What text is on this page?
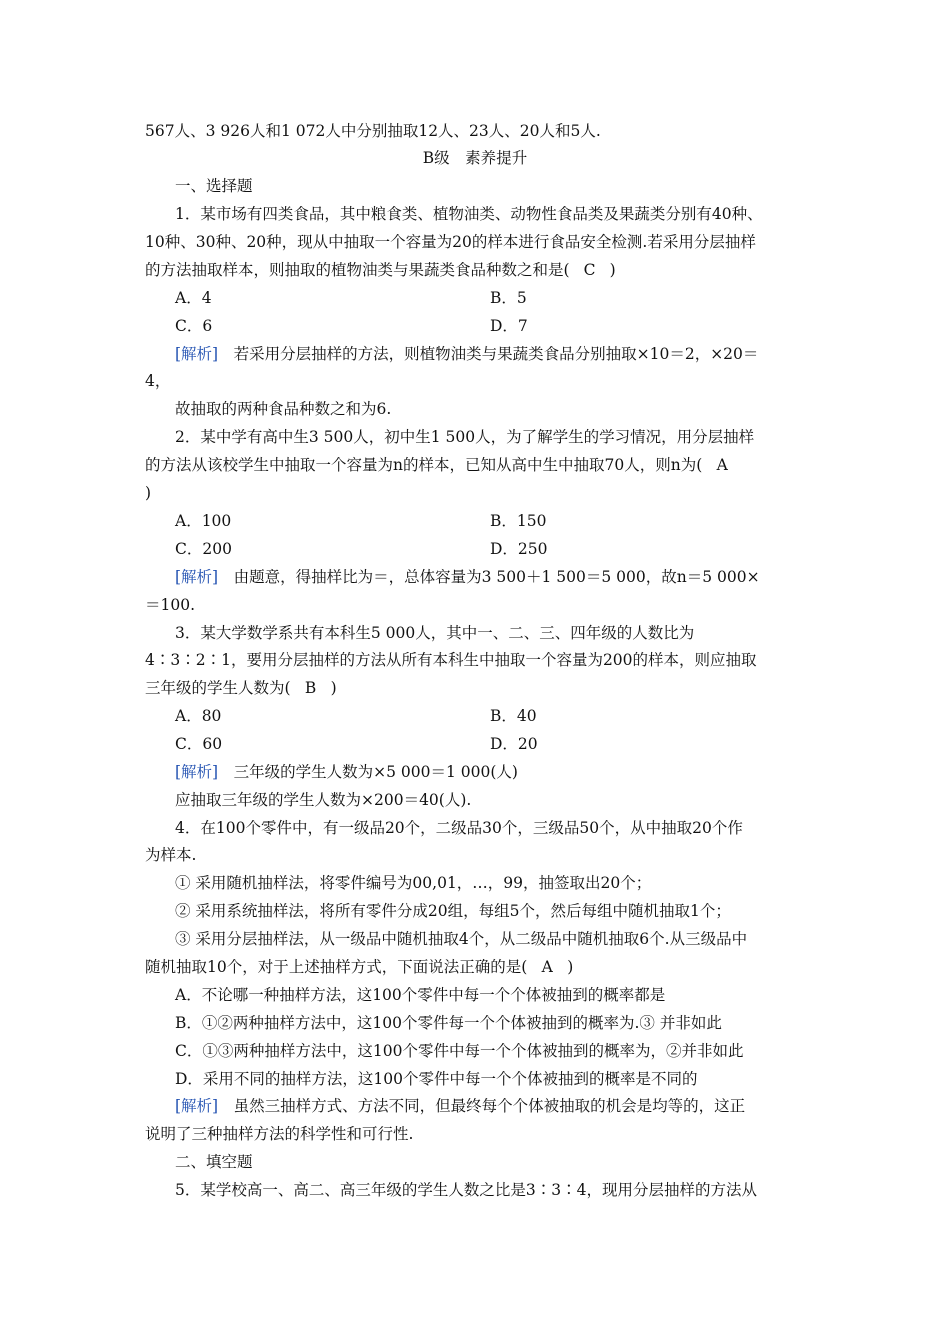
567人、3 926人和1 072人中分别抽取12人、23人、20人和5人.
B级　素养提升
一、选择题
1．某市场有四类食品，其中粮食类、植物油类、动物性食品类及果蔬类分别有40种、
10种、30种、20种，现从中抽取一个容量为20的样本进行食品安全检测.若采用分层抽样
的方法抽取样本，则抽取的植物油类与果蔬类食品种数之和是( C )
A．4	B．5
C．6	D．7
[解析]　 若采用分层抽样的方法，则植物油类与果蔬类食品分别抽取×10＝2，×20＝
4，
故抽取的两种食品种数之和为6.
2．某中学有高中生3 500人，初中生1 500人，为了解学生的学习情况，用分层抽样
的方法从该校学生中抽取一个容量为n的样本，已知从高中生中抽取70人，则n为( A
)
A．100	B．150
C．200	D．250
[解析]　 由题意，得抽样比为＝，总体容量为3 500＋1 500＝5 000，故n＝5 000×
＝100.
3．某大学数学系共有本科生5 000人，其中一、二、三、四年级的人数比为
4∶3∶2∶1，要用分层抽样的方法从所有本科生中抽取一个容量为200的样本，则应抽取
三年级的学生人数为( B )
A．80	B．40
C．60	D．20
[解析]　 三年级的学生人数为×5 000＝1 000(人)
应抽取三年级的学生人数为×200＝40(人).
4．在100个零件中，有一级品20个，二级品30个，三级品50个，从中抽取20个作
为样本.
① 采用随机抽样法，将零件编号为00,01，…，99，抽签取出20个；
② 采用系统抽样法，将所有零件分成20组，每组5个，然后每组中随机抽取1个；
③ 采用分层抽样法，从一级品中随机抽取4个，从二级品中随机抽取6个.从三级品中
随机抽取10个，对于上述抽样方式，下面说法正确的是( A )
A．不论哪一种抽样方法，这100个零件中每一个个体被抽到的概率都是
B．①②两种抽样方法中，这100个零件每一个个体被抽到的概率为.③ 并非如此
C．①③两种抽样方法中，这100个零件中每一个个体被抽到的概率为，②并非如此
D．采用不同的抽样方法，这100个零件中每一个个体被抽到的概率是不同的
[解析]　 虽然三抽样方式、方法不同，但最终每个个体被抽取的机会是均等的，这正
说明了三种抽样方法的科学性和可行性.
二、填空题
5．某学校高一、高二、高三年级的学生人数之比是3∶3∶4，现用分层抽样的方法从
